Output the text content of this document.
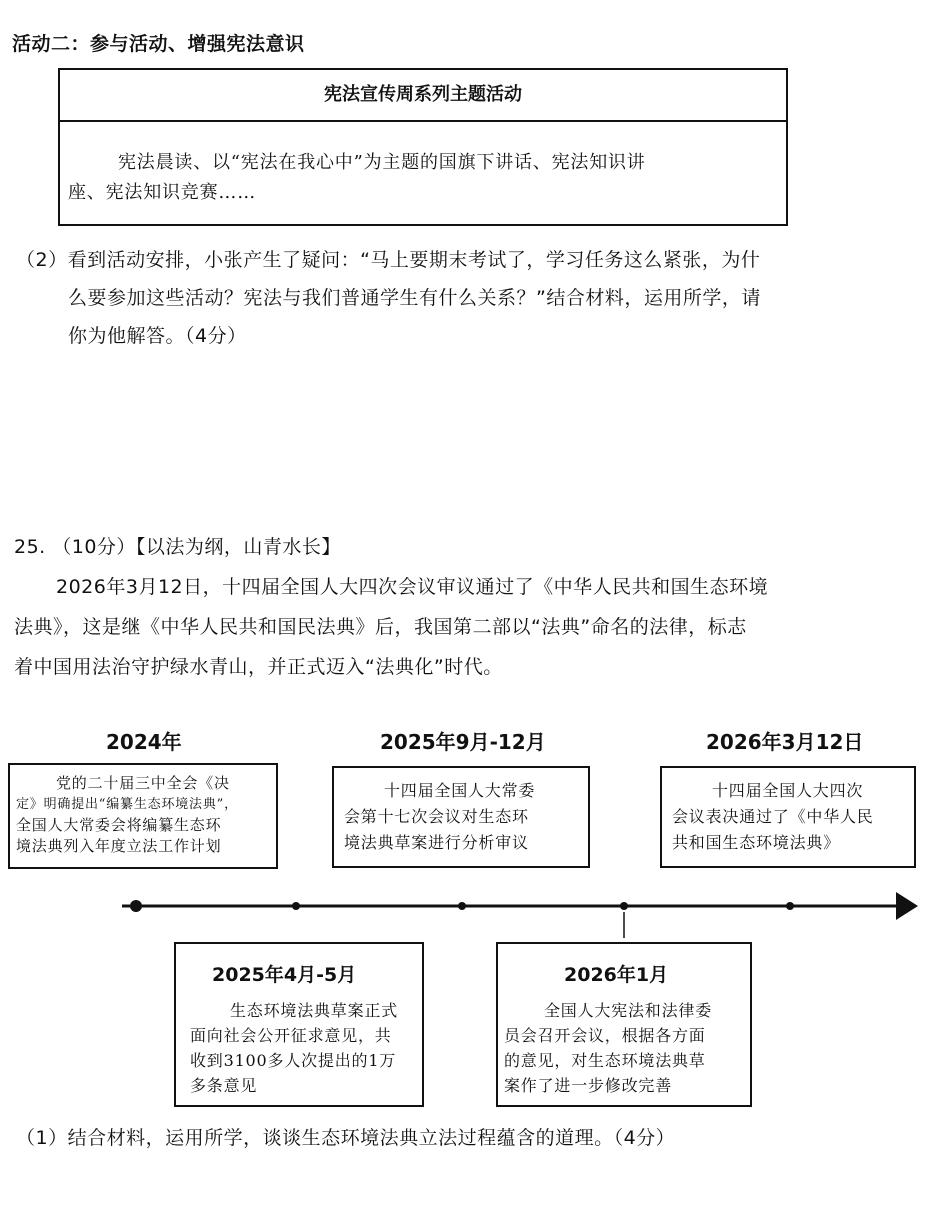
活动二：参与活动、增强宪法意识
宪法宣传周系列主题活动
宪法晨读、以“宪法在我心中”为主题的国旗下讲话、宪法知识讲
座、宪法知识竞赛……
（2）看到活动安排，小张产生了疑问：“马上要期末考试了，学习任务这么紧张，为什
么要参加这些活动？宪法与我们普通学生有什么关系？”结合材料，运用所学，请
你为他解答。（4分）
25. （10分）【以法为纲，山青水长】
2026年3月12日，十四届全国人大四次会议审议通过了《中华人民共和国生态环境
法典》，这是继《中华人民共和国民法典》后，我国第二部以“法典”命名的法律，标志
着中国用法治守护绿水青山，并正式迈入“法典化”时代。
2024年	2025年9月-12月	2026年3月12日
党的二十届三中全会《决
定》明确提出“编纂生态环境法典”，
全国人大常委会将编纂生态环
境法典列入年度立法工作计划
十四届全国人大常委
会第十七次会议对生态环
境法典草案进行分析审议
十四届全国人大四次
会议表决通过了《中华人民
共和国生态环境法典》
2025年4月-5月
生态环境法典草案正式
面向社会公开征求意见，共
收到3100多人次提出的1万
多条意见
2026年1月
全国人大宪法和法律委
员会召开会议，根据各方面
的意见，对生态环境法典草
案作了进一步修改完善
（1）结合材料，运用所学，谈谈生态环境法典立法过程蕴含的道理。（4分）
